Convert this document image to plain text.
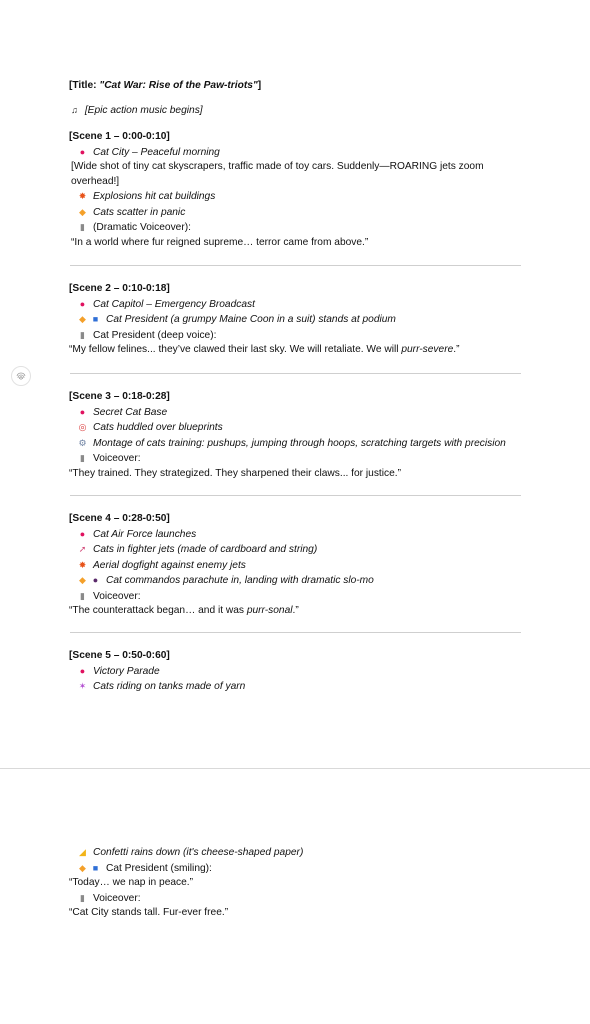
[Title: "Cat War: Rise of the Paw-triots"]
♫ [Epic action music begins]
[Scene 1 – 0:00-0:10]
● Cat City – Peaceful morning
[Wide shot of tiny cat skyscrapers, traffic made of toy cars. Suddenly—ROARING jets zoom overhead!]
✸ Explosions hit cat buildings
◆ Cats scatter in panic
▮ (Dramatic Voiceover):
“In a world where fur reigned supreme… terror came from above.”
[Scene 2 – 0:10-0:18]
● Cat Capitol – Emergency Broadcast
◆ ■ Cat President (a grumpy Maine Coon in a suit) stands at podium
▮ Cat President (deep voice):
“My fellow felines... they’ve clawed their last sky. We will retaliate. We will purr-severe.”
[Scene 3 – 0:18-0:28]
● Secret Cat Base
◎ Cats huddled over blueprints
⚙ Montage of cats training: pushups, jumping through hoops, scratching targets with precision
▮ Voiceover:
“They trained. They strategized. They sharpened their claws... for justice.”
[Scene 4 – 0:28-0:50]
● Cat Air Force launches
➚ Cats in fighter jets (made of cardboard and string)
✸ Aerial dogfight against enemy jets
◆ ● Cat commandos parachute in, landing with dramatic slo-mo
▮ Voiceover:
“The counterattack began… and it was purr-sonal.”
[Scene 5 – 0:50-0:60]
● Victory Parade
✶ Cats riding on tanks made of yarn
◢ Confetti rains down (it's cheese-shaped paper)
◆ ■ Cat President (smiling):
“Today… we nap in peace.”
▮ Voiceover:
“Cat City stands tall. Fur-ever free.”
